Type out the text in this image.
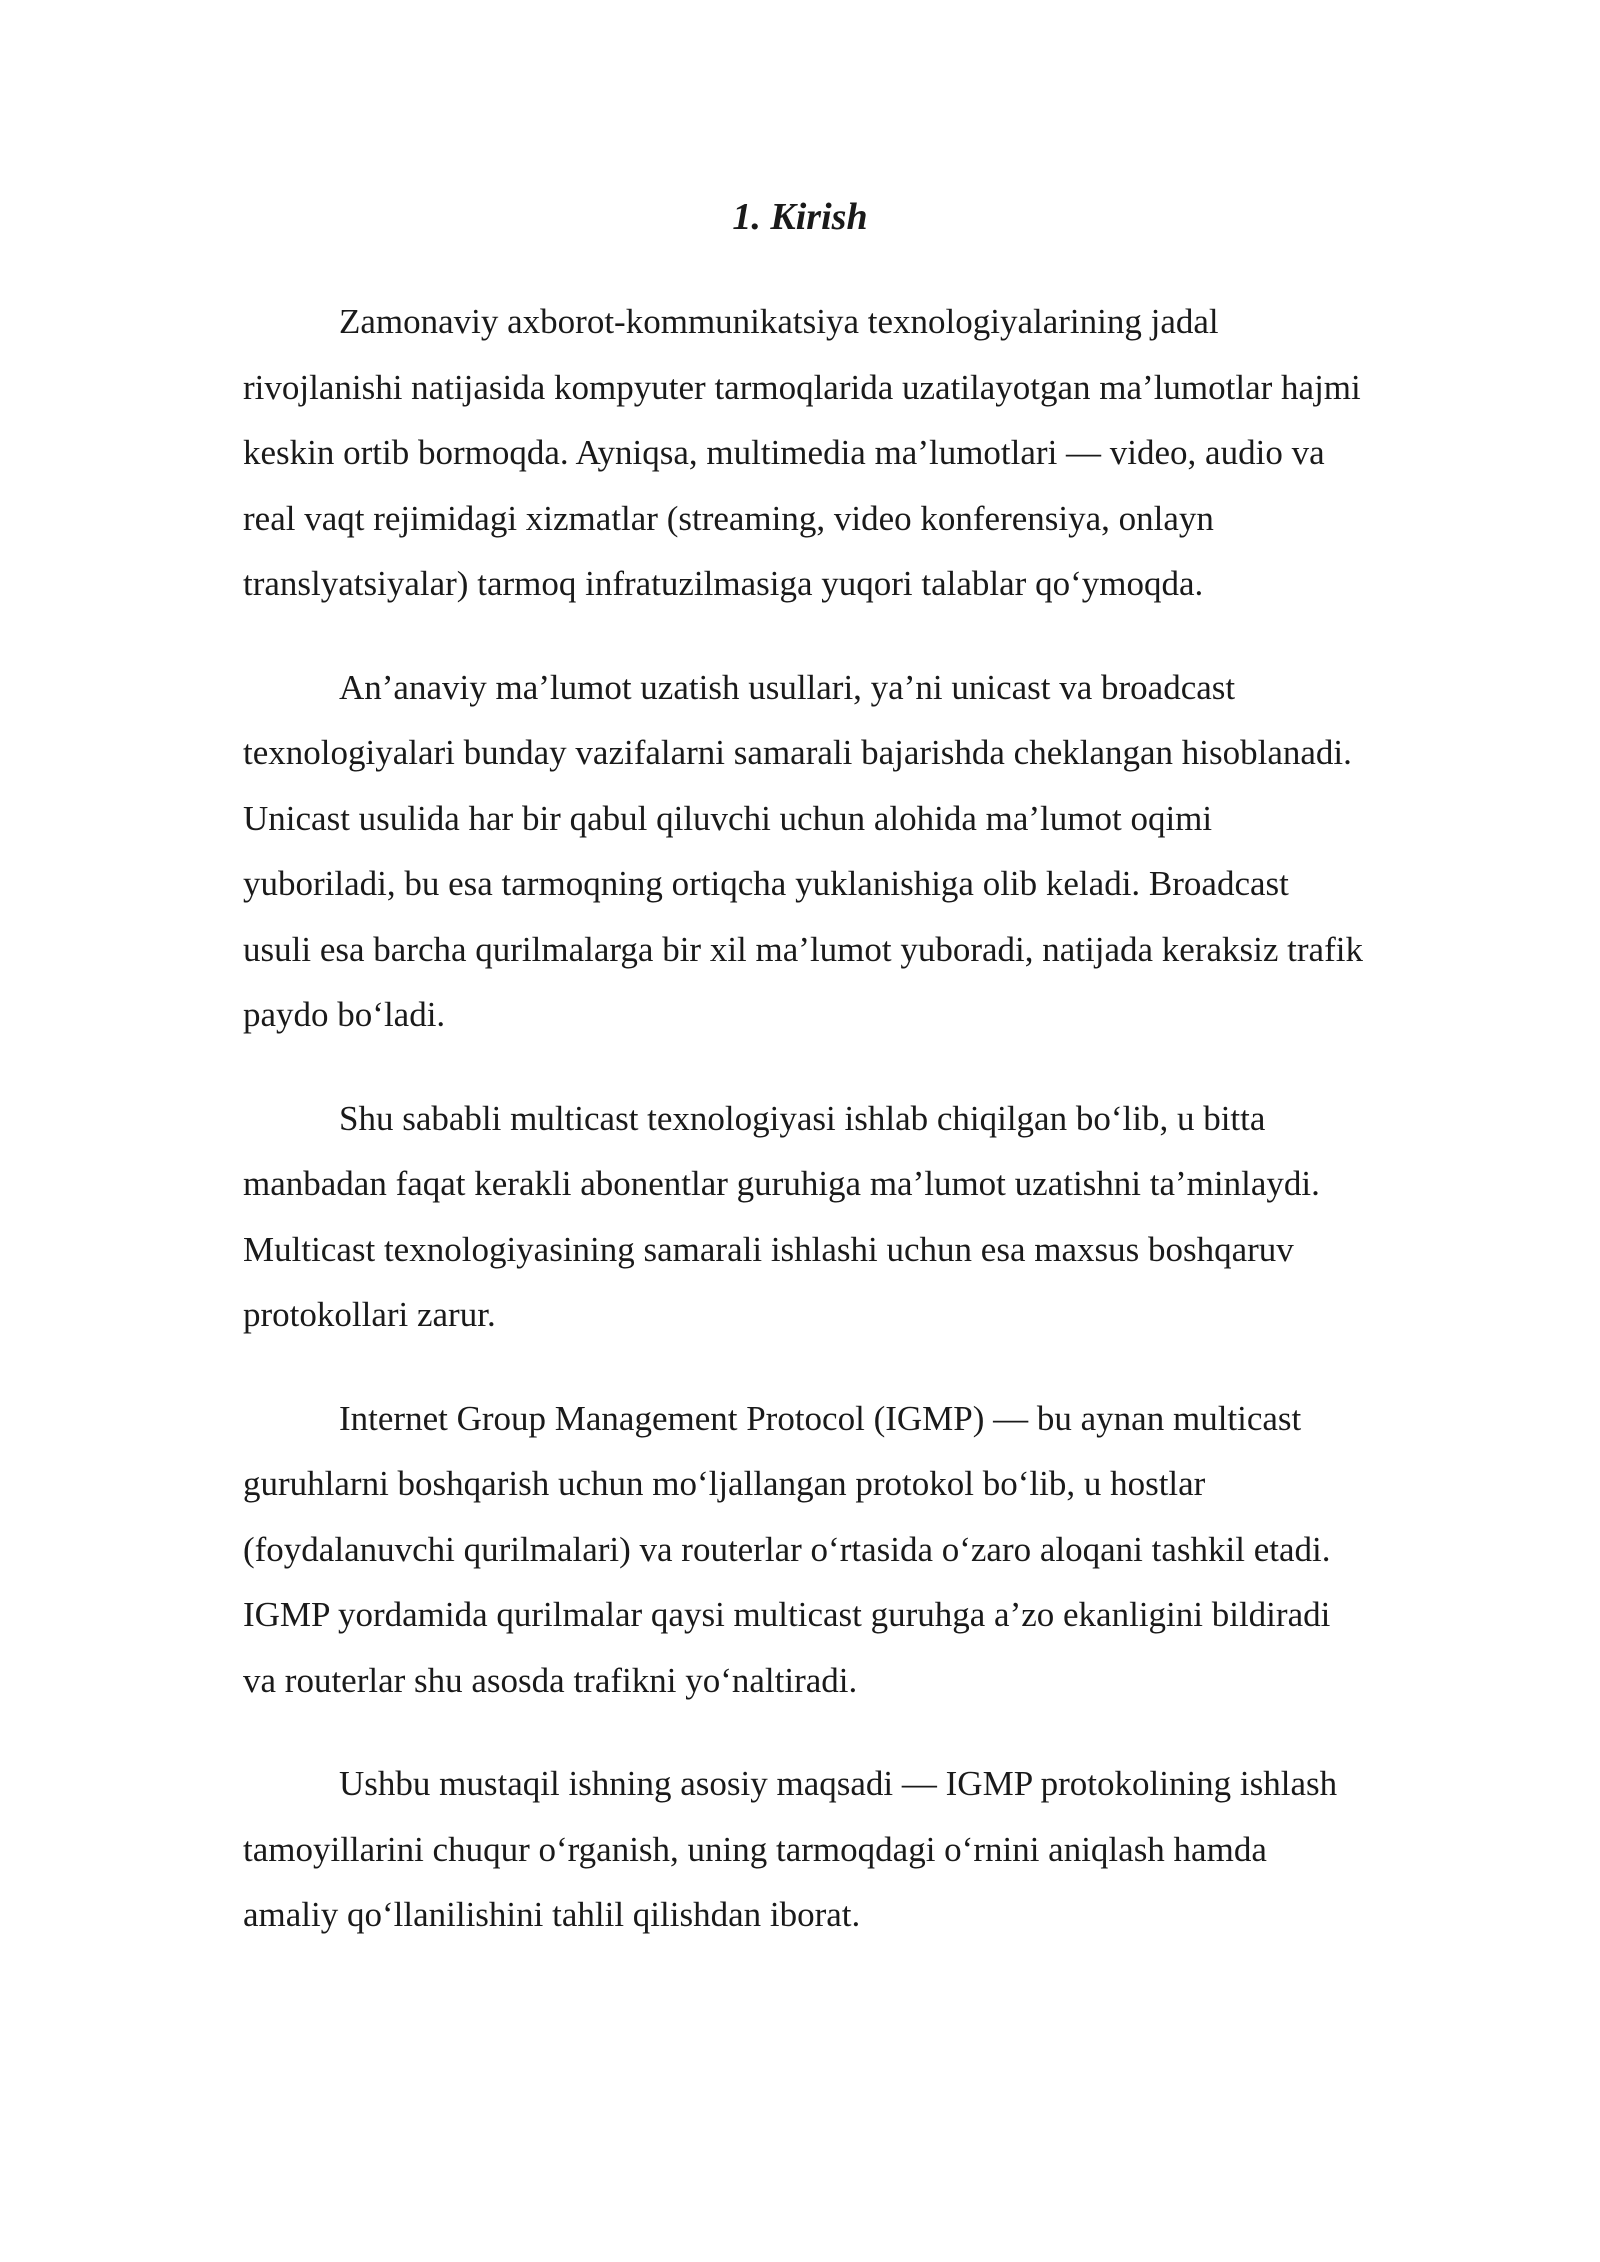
1. Kirish

Zamonaviy axborot-kommunikatsiya texnologiyalarining jadal rivojlanishi natijasida kompyuter tarmoqlarida uzatilayotgan ma’lumotlar hajmi keskin ortib bormoqda. Ayniqsa, multimedia ma’lumotlari — video, audio va real vaqt rejimidagi xizmatlar (streaming, video konferensiya, onlayn translyatsiyalar) tarmoq infratuzilmasiga yuqori talablar qo‘ymoqda.

An’anaviy ma’lumot uzatish usullari, ya’ni unicast va broadcast texnologiyalari bunday vazifalarni samarali bajarishda cheklangan hisoblanadi. Unicast usulida har bir qabul qiluvchi uchun alohida ma’lumot oqimi yuboriladi, bu esa tarmoqning ortiqcha yuklanishiga olib keladi. Broadcast usuli esa barcha qurilmalarga bir xil ma’lumot yuboradi, natijada keraksiz trafik paydo bo‘ladi.

Shu sababli multicast texnologiyasi ishlab chiqilgan bo‘lib, u bitta manbadan faqat kerakli abonentlar guruhiga ma’lumot uzatishni ta’minlaydi. Multicast texnologiyasining samarali ishlashi uchun esa maxsus boshqaruv protokollari zarur.

Internet Group Management Protocol (IGMP) — bu aynan multicast guruhlarni boshqarish uchun mo‘ljallangan protokol bo‘lib, u hostlar (foydalanuvchi qurilmalari) va routerlar o‘rtasida o‘zaro aloqani tashkil etadi. IGMP yordamida qurilmalar qaysi multicast guruhga a’zo ekanligini bildiradi va routerlar shu asosda trafikni yo‘naltiradi.

Ushbu mustaqil ishning asosiy maqsadi — IGMP protokolining ishlash tamoyillarini chuqur o‘rganish, uning tarmoqdagi o‘rnini aniqlash hamda amaliy qo‘llanilishini tahlil qilishdan iborat.
